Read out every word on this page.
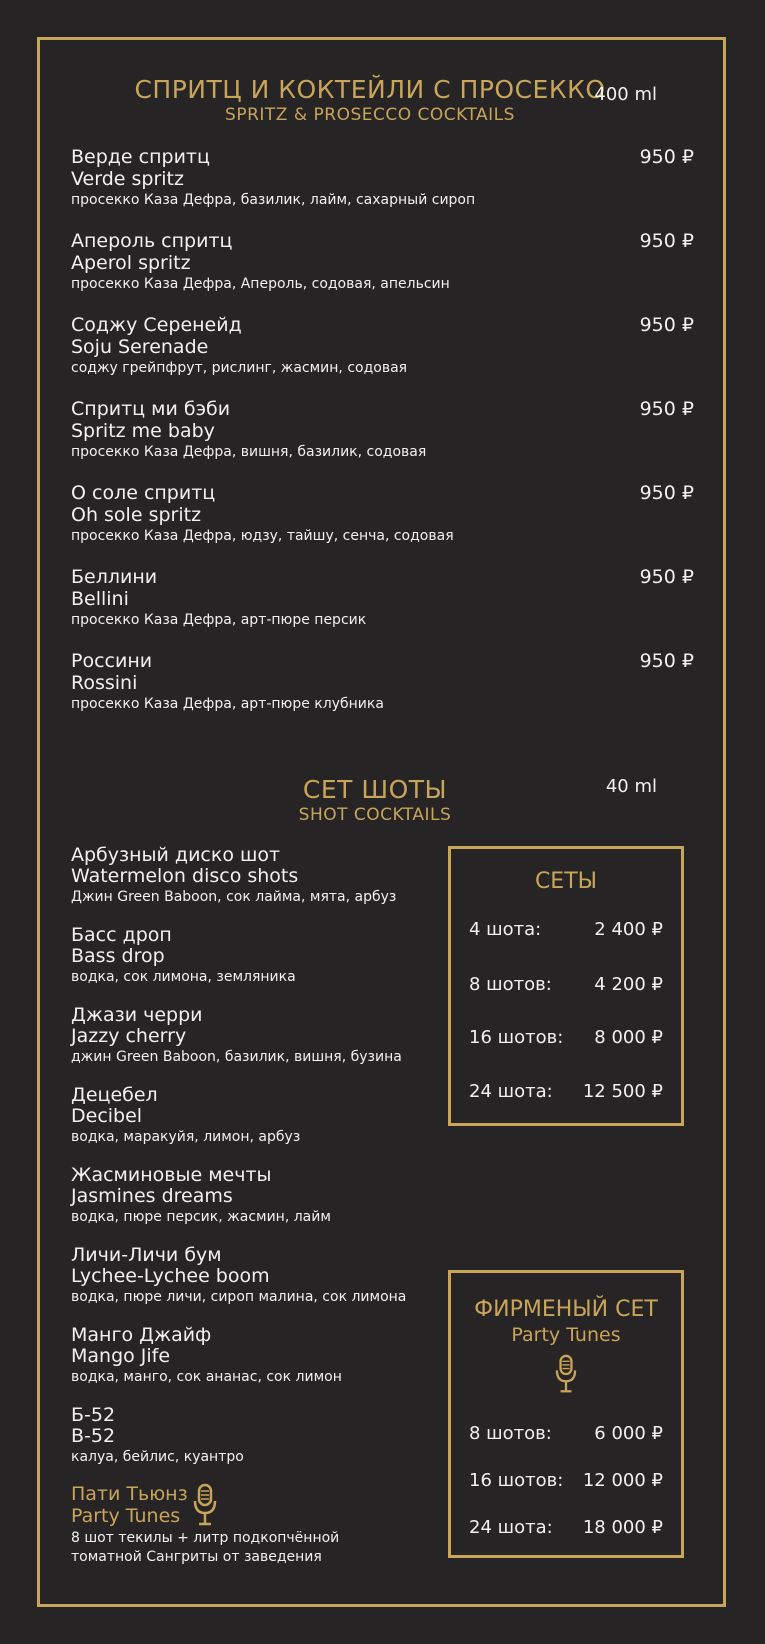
СПРИТЦ И КОКТЕЙЛИ С ПРОСЕККО
SPRITZ & PROSECCO COCKTAILS
400 ml
Верде спритц
Verde spritz
просекко Каза Дефра, базилик, лайм, сахарный сироп
950 ₽
Апероль спритц
Aperol spritz
просекко Каза Дефра, Апероль, содовая, апельсин
950 ₽
Соджу Серенейд
Soju Serenade
соджу грейпфрут, рислинг, жасмин, содовая
950 ₽
Спритц ми бэби
Spritz me baby
просекко Каза Дефра, вишня, базилик, содовая
950 ₽
О соле спритц
Oh sole spritz
просекко Каза Дефра, юдзу, тайшу, сенча, содовая
950 ₽
Беллини
Bellini
просекко Каза Дефра, арт-пюре персик
950 ₽
Россини
Rossini
просекко Каза Дефра, арт-пюре клубника
950 ₽
СЕТ ШОТЫ
SHOT COCKTAILS
40 ml
Арбузный диско шот
Watermelon disco shots
Джин Green Baboon, сок лайма, мята, арбуз
Басс дроп
Bass drop
водка, сок лимона, земляника
Джази черри
Jazzy cherry
джин Green Baboon, базилик, вишня, бузина
Децебел
Decibel
водка, маракуйя, лимон, арбуз
Жасминовые мечты
Jasmines dreams
водка, пюре персик, жасмин, лайм
Личи-Личи бум
Lychee-Lychee boom
водка, пюре личи, сироп малина, сок лимона
Манго Джайф
Mango Jife
водка, манго, сок ананас, сок лимон
Б-52
B-52
калуа, бейлис, куантро
Пати Тьюнз
Party Tunes
8 шот текилы + литр подкопчённой
томатной Сангриты от заведения
СЕТЫ
4 шота:	2 400 ₽
8 шотов: 4 200 ₽
16 шотов: 8 000 ₽
24 шота: 12 500 ₽
ФИРМЕНЫЙ СЕТ
Party Tunes
8 шотов: 6 000 ₽
16 шотов: 12 000 ₽
24 шота: 18 000 ₽
